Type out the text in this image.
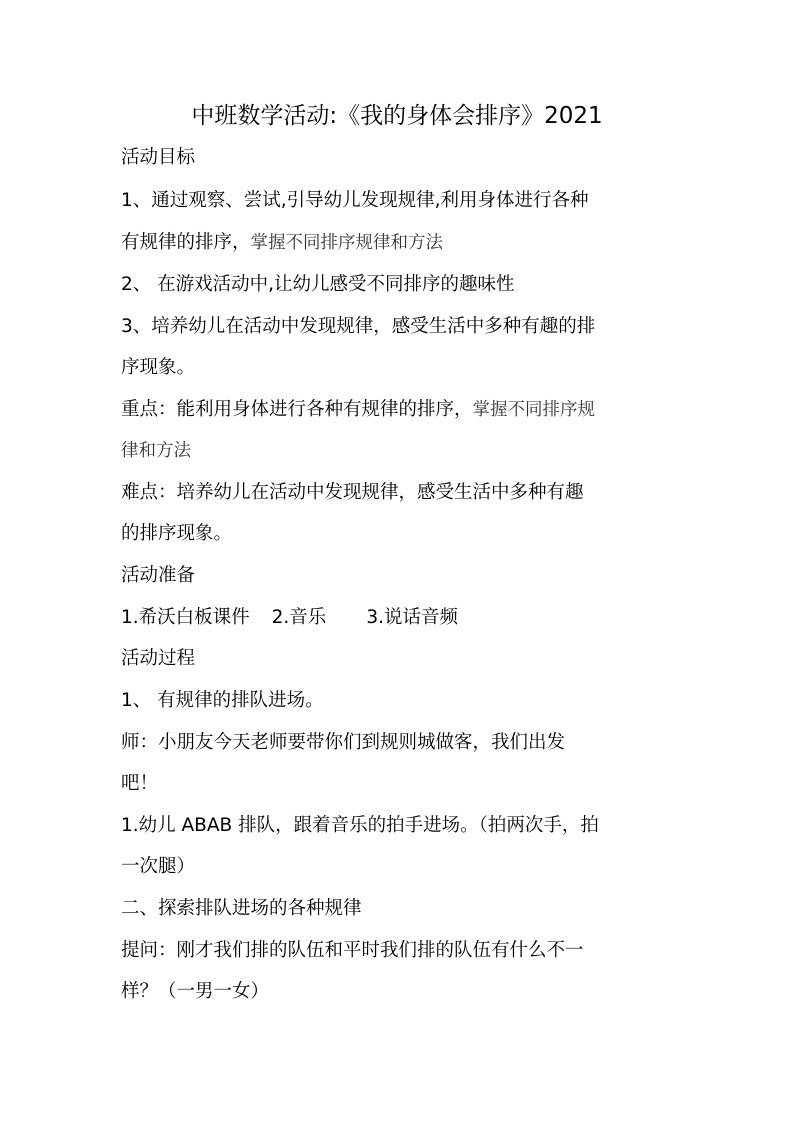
中班数学活动:《我的身体会排序》2021
活动目标
1、通过观察、尝试,引导幼儿发现规律,利用身体进行各种
有规律的排序，掌握不同排序规律和方法
2、 在游戏活动中,让幼儿感受不同排序的趣味性
3、培养幼儿在活动中发现规律，感受生活中多种有趣的排
序现象。
重点：能利用身体进行各种有规律的排序，掌握不同排序规
律和方法
难点：培养幼儿在活动中发现规律，感受生活中多种有趣
的排序现象。
活动准备
1.希沃白板课件 2.音乐 3.说话音频
活动过程
1、 有规律的排队进场。
师：小朋友今天老师要带你们到规则城做客，我们出发
吧！
1.幼儿 ABAB 排队，跟着音乐的拍手进场。（拍两次手，拍
一次腿）
二、探索排队进场的各种规律
提问：刚才我们排的队伍和平时我们排的队伍有什么不一
样？（一男一女）
